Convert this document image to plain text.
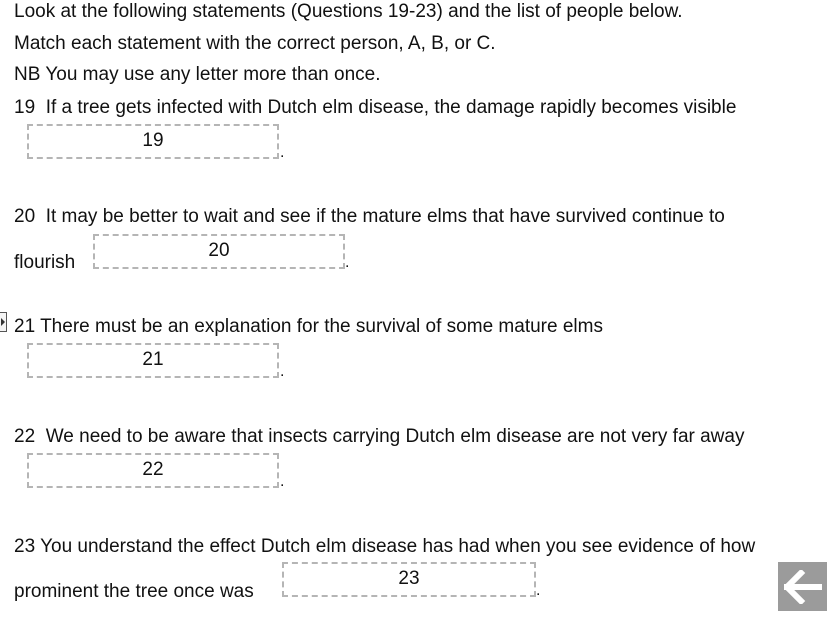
Look at the following statements (Questions 19-23) and the list of people below.
Match each statement with the correct person, A, B, or C.
NB You may use any letter more than once.
19 If a tree gets infected with Dutch elm disease, the damage rapidly becomes visible
19
.
20 It may be better to wait and see if the mature elms that have survived continue to
flourish
20
.
21 There must be an explanation for the survival of some mature elms
21
.
22 We need to be aware that insects carrying Dutch elm disease are not very far away
22
.
23 You understand the effect Dutch elm disease has had when you see evidence of how
prominent the tree once was
23
.
